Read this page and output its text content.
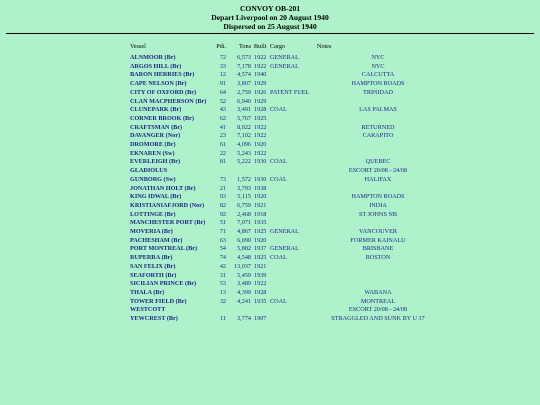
CONVOY OB-201
Depart Liverpool on 20 August 1940
Dispersed on 25 August 1940
Vessel	Pdt.	Tons	Built	Cargo	Notes
ALNMOOR (Br)	72	6,573	1922	GENERAL	NYC
ARGOS HILL (Br)	33	7,178	1922	GENERAL	NYC
BARON HERRIES (Br)	12	4,574	1940		CALCUTTA
CAPE NELSON (Br)	91	3,807	1929		HAMPTON ROADS
CITY OF OXFORD (Br)	64	2,759	1926	PATENT FUEL	TRINIDAD
CLAN MACPHERSON (Br)	52	6,940	1929		
CLUNEPARK (Br)	43	3,491	1928	COAL	LAS PALMAS
CORNER BROOK (Br)	62	5,767	1925		
CRAFTSMAN (Br)	41	8,022	1922		RETURNED
DAVANGER (Nor)	23	7,102	1922		CARAPITO
DROMORE (Br)	61	4,096	1920		
EKNAREN (Sw)	22	5,243	1922		
EVERLEIGH (Br)	81	5,222	1930	COAL	QUEBEC
GLADIOLUS					ESCORT 20/08 - 24/08
GUNBORG (Sw)	73	1,572	1930	COAL	HALIFAX
JONATHAN HOLT (Br)	21	3,793	1938		
KING IDWAL (Br)	93	5,115	1920		HAMPTON ROADS
KRISTIANIAFJORD (Nor)	82	6,759	1921		INDIA
LOTTINGE (Br)	92	2,468	1918		ST JOHNS NB
MANCHESTER PORT (Br)	51	7,071	1935		
MOVERIA (Br)	71	4,867	1925	GENERAL	VANCOUVER
PACHESHAM (Br)	63	6,090	1920		FORMER KAINALU
PORT MONTREAL (Br)	54	5,882	1937	GENERAL	BRISBANE
RUPERRA (Br)	74	4,548	1925	COAL	BOSTON
SAN FELIX (Br)	42	13,037	1921		
SEAFORTH (Br)	31	5,459	1939		
SICILIAN PRINCE (Br)	53	3,489	1922		
THALA (Br)	13	4,399	1928		WABANA
TOWER FIELD (Br)	32	4,241	1935	COAL	MONTREAL
WESTCOTT					ESCORT 20/08 - 24/08
YEWCREST (Br)	11	3,774	1907		STRAGGLED AND SUNK BY U 37
